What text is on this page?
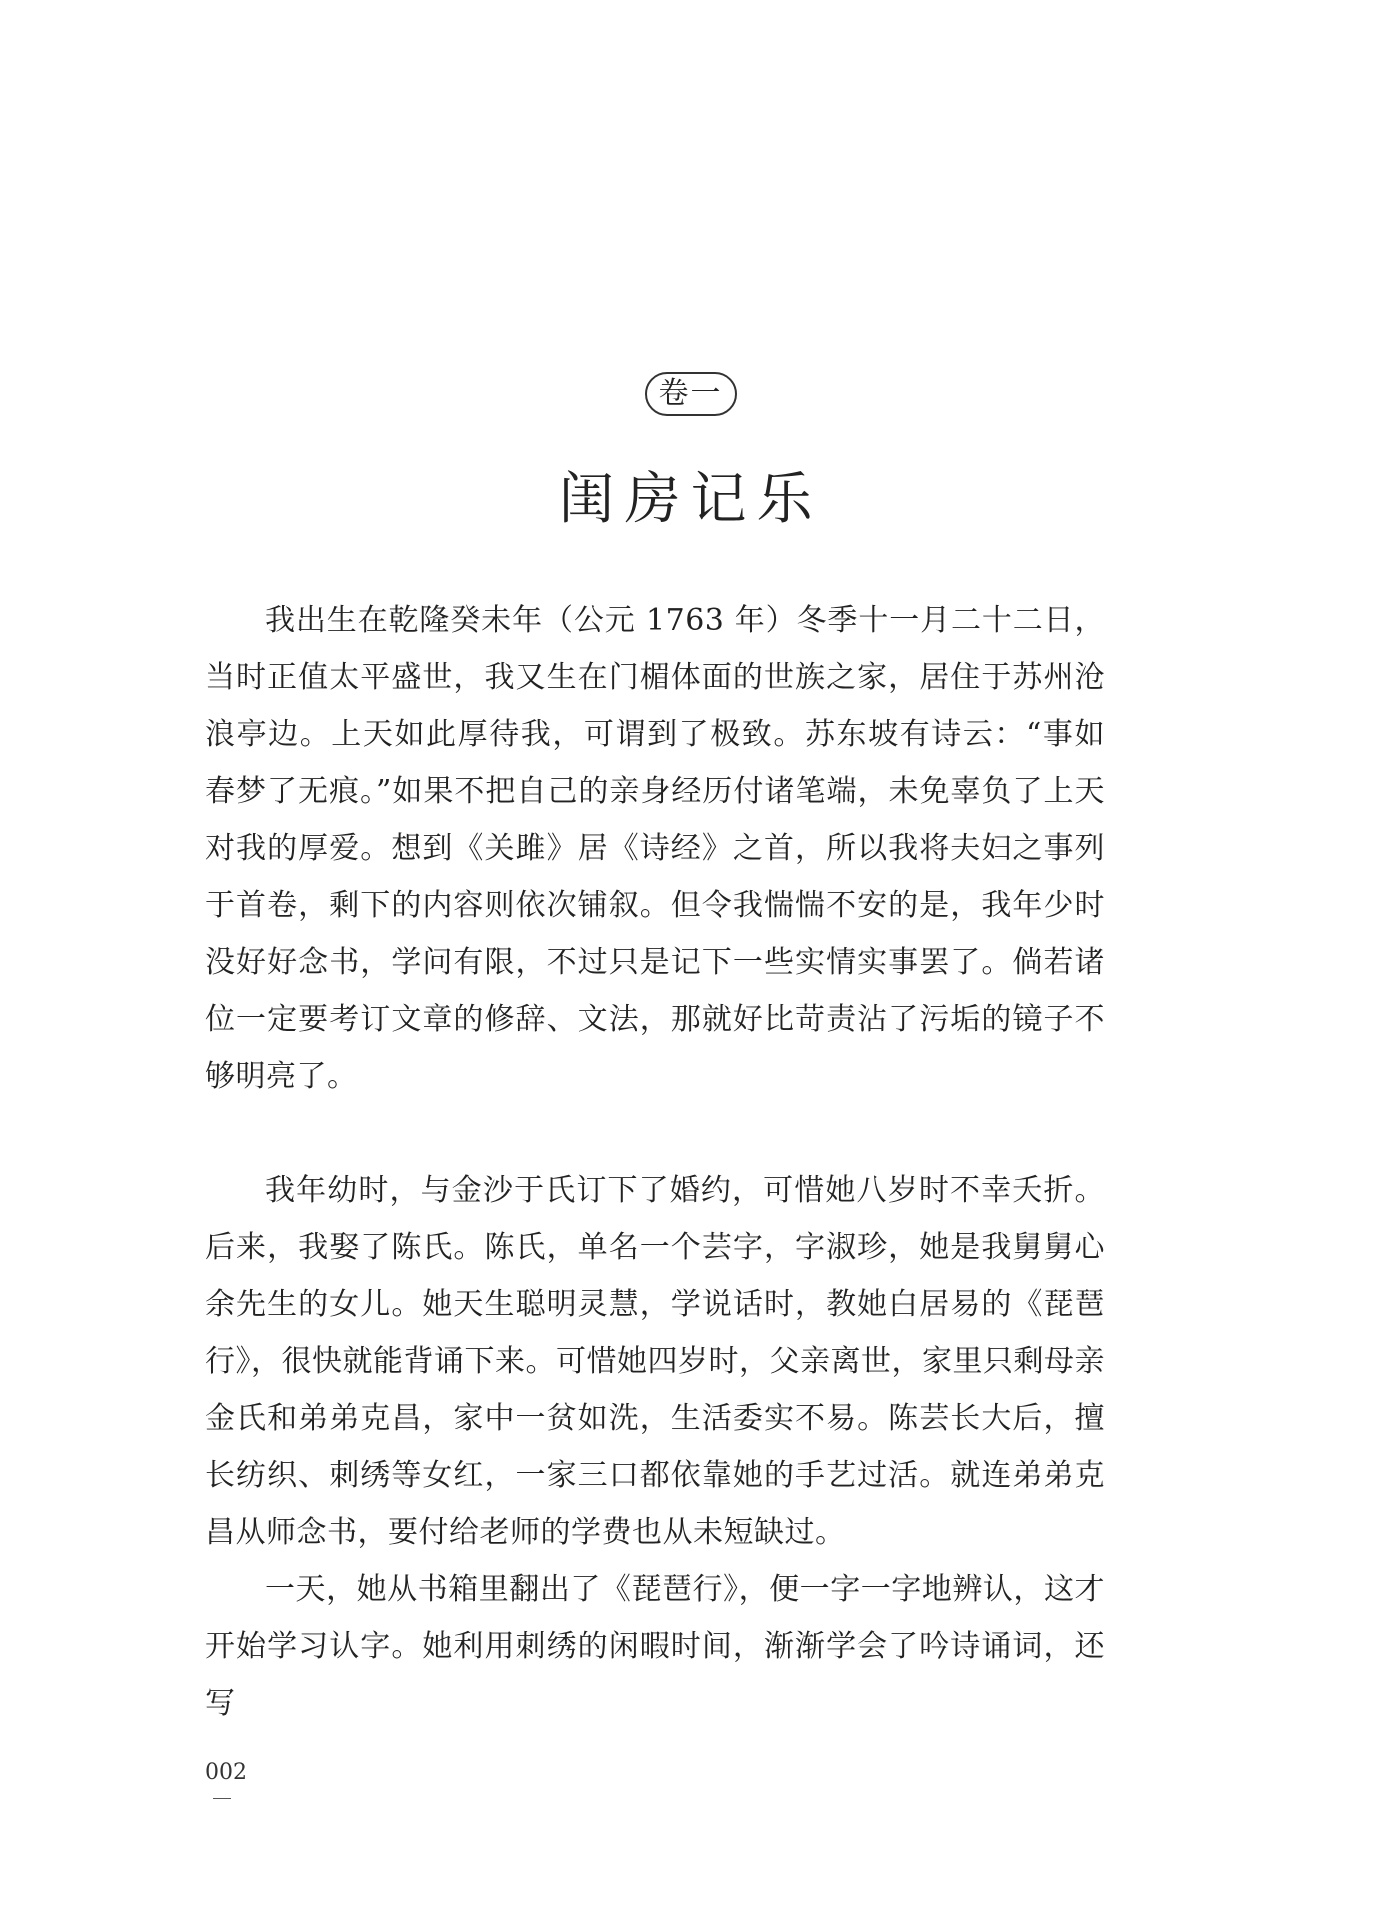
卷一
闺房记乐

我出生在乾隆癸未年（公元 1763 年）冬季十一月二十二日，当时正值太平盛世，我又生在门楣体面的世族之家，居住于苏州沧浪亭边。上天如此厚待我，可谓到了极致。苏东坡有诗云：“事如春梦了无痕。”如果不把自己的亲身经历付诸笔端，未免辜负了上天对我的厚爱。想到《关雎》居《诗经》之首，所以我将夫妇之事列于首卷，剩下的内容则依次铺叙。但令我惴惴不安的是，我年少时没好好念书，学问有限，不过只是记下一些实情实事罢了。倘若诸位一定要考订文章的修辞、文法，那就好比苛责沾了污垢的镜子不够明亮了。

我年幼时，与金沙于氏订下了婚约，可惜她八岁时不幸夭折。后来，我娶了陈氏。陈氏，单名一个芸字，字淑珍，她是我舅舅心余先生的女儿。她天生聪明灵慧，学说话时，教她白居易的《琵琶行》，很快就能背诵下来。可惜她四岁时，父亲离世，家里只剩母亲金氏和弟弟克昌，家中一贫如洗，生活委实不易。陈芸长大后，擅长纺织、刺绣等女红，一家三口都依靠她的手艺过活。就连弟弟克昌从师念书，要付给老师的学费也从未短缺过。

一天，她从书箱里翻出了《琵琶行》，便一字一字地辨认，这才开始学习认字。她利用刺绣的闲暇时间，渐渐学会了吟诗诵词，还写

002
